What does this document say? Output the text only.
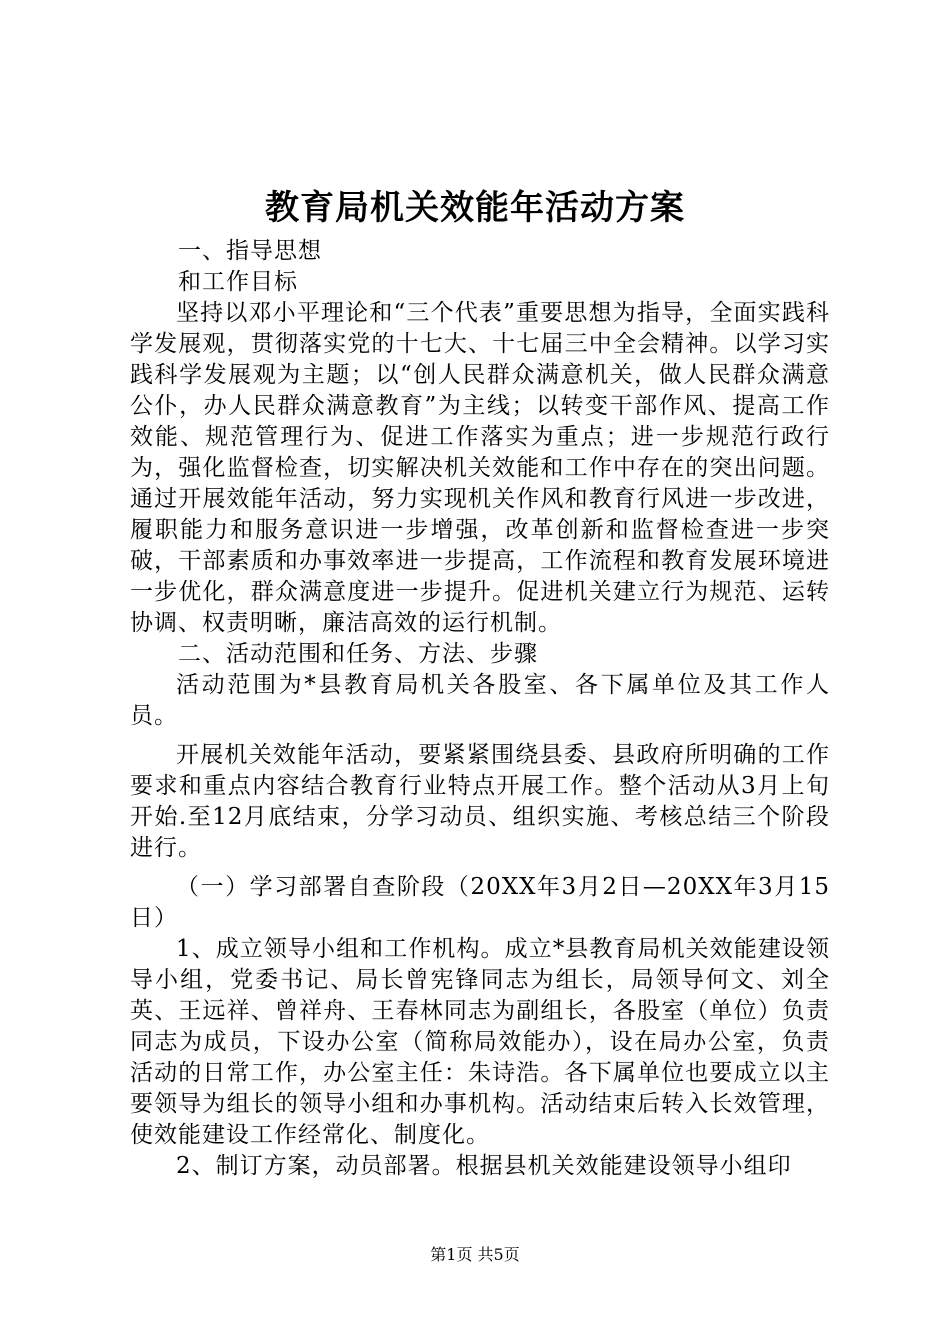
教育局机关效能年活动方案

一、指导思想

和工作目标

坚持以邓小平理论和“三个代表”重要思想为指导，全面实践科学发展观，贯彻落实党的十七大、十七届三中全会精神。以学习实践科学发展观为主题；以“创人民群众满意机关，做人民群众满意公仆，办人民群众满意教育”为主线；以转变干部作风、提高工作效能、规范管理行为、促进工作落实为重点；进一步规范行政行为，强化监督检查，切实解决机关效能和工作中存在的突出问题。通过开展效能年活动，努力实现机关作风和教育行风进一步改进，履职能力和服务意识进一步增强，改革创新和监督检查进一步突破，干部素质和办事效率进一步提高，工作流程和教育发展环境进一步优化，群众满意度进一步提升。促进机关建立行为规范、运转协调、权责明晰，廉洁高效的运行机制。

二、活动范围和任务、方法、步骤

活动范围为*县教育局机关各股室、各下属单位及其工作人员。

开展机关效能年活动，要紧紧围绕县委、县政府所明确的工作要求和重点内容结合教育行业特点开展工作。整个活动从3月上旬开始.至12月底结束，分学习动员、组织实施、考核总结三个阶段进行。

（一）学习部署自查阶段（20XX年3月2日—20XX年3月15日）

1、成立领导小组和工作机构。成立*县教育局机关效能建设领导小组，党委书记、局长曾宪锋同志为组长，局领导何文、刘全英、王远祥、曾祥舟、王春林同志为副组长，各股室（单位）负责同志为成员，下设办公室（简称局效能办），设在局办公室，负责活动的日常工作，办公室主任：朱诗浩。各下属单位也要成立以主要领导为组长的领导小组和办事机构。活动结束后转入长效管理，使效能建设工作经常化、制度化。

2、制订方案，动员部署。根据县机关效能建设领导小组印

第1页 共5页
